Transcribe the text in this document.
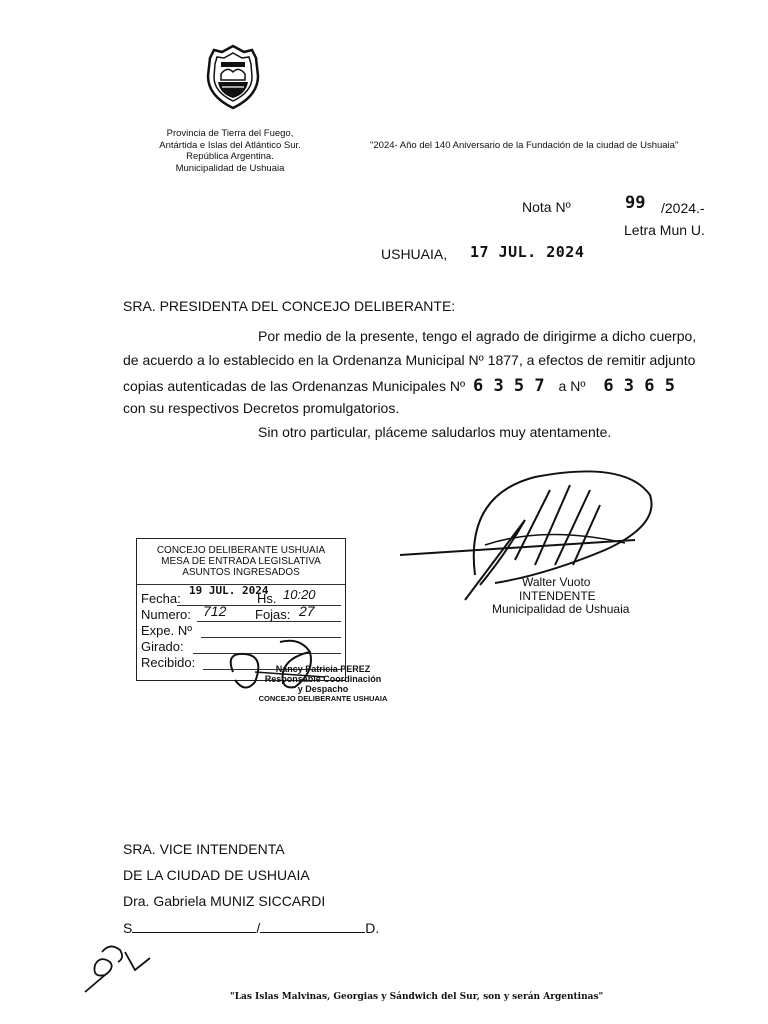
Provincia de Tierra del Fuego,
Antártida e Islas del Atlántico Sur.
República Argentina.
Municipalidad de Ushuaia
"2024- Año del 140 Aniversario de la Fundación de la ciudad de Ushuaia"
Nota Nº	99 /2024.-
Letra Mun U.
USHUAIA, 17 JUL. 2024
SRA. PRESIDENTA DEL CONCEJO DELIBERANTE:
Por medio de la presente, tengo el agrado de dirigirme a dicho cuerpo,
de acuerdo a lo establecido en la Ordenanza Municipal Nº 1877, a efectos de remitir adjunto
copias autenticadas de las Ordenanzas Municipales Nº 6 3 5 7 a Nº 6 3 6 5
con su respectivos Decretos promulgatorios.
Sin otro particular, pláceme saludarlos muy atentamente.
Walter Vuoto
INTENDENTE
Municipalidad de Ushuaia
CONCEJO DELIBERANTE USHUAIA
MESA DE ENTRADA LEGISLATIVA
ASUNTOS INGRESADOS
Fecha:
19 JUL. 2024
Hs. 10:20
Numero: 712 Fojas: 27
Expe. Nº
Girado:
Recibido:	Nancy Patricia PEREZ
Responsable Coordinación
y Despacho
CONCEJO DELIBERANTE USHUAIA
SRA. VICE INTENDENTA
DE LA CIUDAD DE USHUAIA
Dra. Gabriela MUNIZ SICCARDI
S	/	D.
"Las Islas Malvinas, Georgias y Sándwich del Sur, son y serán Argentinas"
